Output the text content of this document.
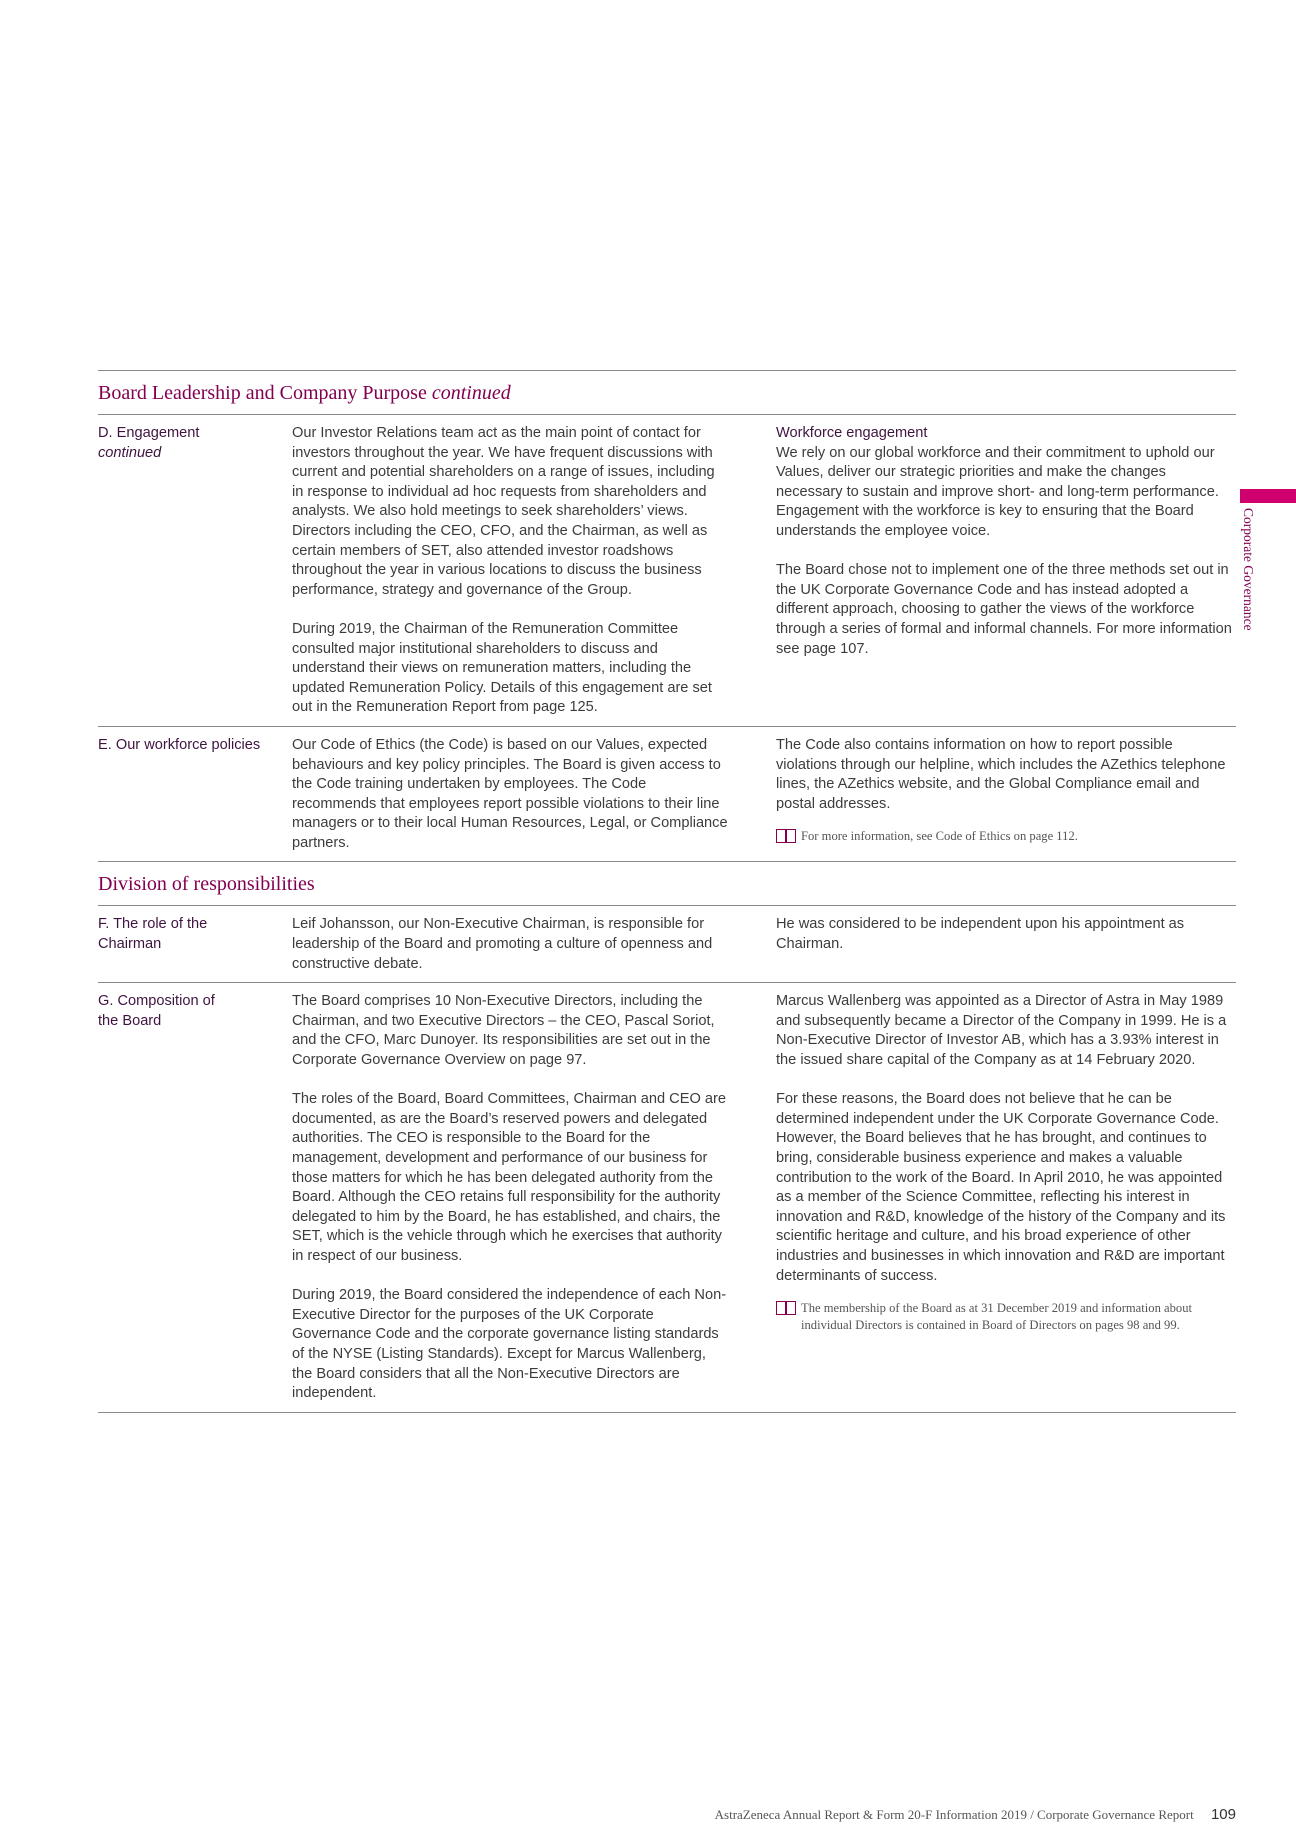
Corporate Governance
Board Leadership and Company Purpose continued
D. Engagement
continued
Our Investor Relations team act as the main point of contact for investors throughout the year. We have frequent discussions with current and potential shareholders on a range of issues, including in response to individual ad hoc requests from shareholders and analysts. We also hold meetings to seek shareholders’ views. Directors including the CEO, CFO, and the Chairman, as well as certain members of SET, also attended investor roadshows throughout the year in various locations to discuss the business performance, strategy and governance of the Group.
During 2019, the Chairman of the Remuneration Committee consulted major institutional shareholders to discuss and understand their views on remuneration matters, including the updated Remuneration Policy. Details of this engagement are set out in the Remuneration Report from page 125.
Workforce engagement
We rely on our global workforce and their commitment to uphold our Values, deliver our strategic priorities and make the changes necessary to sustain and improve short- and long-term performance. Engagement with the workforce is key to ensuring that the Board understands the employee voice.
The Board chose not to implement one of the three methods set out in the UK Corporate Governance Code and has instead adopted a different approach, choosing to gather the views of the workforce through a series of formal and informal channels. For more information see page 107.
E. Our workforce policies	Our Code of Ethics (the Code) is based on our Values, expected behaviours and key policy principles. The Board is given access to the Code training undertaken by employees. The Code recommends that employees report possible violations to their line managers or to their local Human Resources, Legal, or Compliance partners.
The Code also contains information on how to report possible violations through our helpline, which includes the AZethics telephone lines, the AZethics website, and the Global Compliance email and postal addresses.
For more information, see Code of Ethics on page 112.
Division of responsibilities
F. The role of the Chairman
Leif Johansson, our Non-Executive Chairman, is responsible for leadership of the Board and promoting a culture of openness and constructive debate.
He was considered to be independent upon his appointment as Chairman.
G. Composition of the Board
The Board comprises 10 Non-Executive Directors, including the Chairman, and two Executive Directors – the CEO, Pascal Soriot, and the CFO, Marc Dunoyer. Its responsibilities are set out in the Corporate Governance Overview on page 97.
The roles of the Board, Board Committees, Chairman and CEO are documented, as are the Board’s reserved powers and delegated authorities. The CEO is responsible to the Board for the management, development and performance of our business for those matters for which he has been delegated authority from the Board. Although the CEO retains full responsibility for the authority delegated to him by the Board, he has established, and chairs, the SET, which is the vehicle through which he exercises that authority in respect of our business.
During 2019, the Board considered the independence of each Non-Executive Director for the purposes of the UK Corporate Governance Code and the corporate governance listing standards of the NYSE (Listing Standards). Except for Marcus Wallenberg, the Board considers that all the Non-Executive Directors are independent.
Marcus Wallenberg was appointed as a Director of Astra in May 1989 and subsequently became a Director of the Company in 1999. He is a Non-Executive Director of Investor AB, which has a 3.93% interest in the issued share capital of the Company as at 14 February 2020.
For these reasons, the Board does not believe that he can be determined independent under the UK Corporate Governance Code. However, the Board believes that he has brought, and continues to bring, considerable business experience and makes a valuable contribution to the work of the Board. In April 2010, he was appointed as a member of the Science Committee, reflecting his interest in innovation and R&D, knowledge of the history of the Company and its scientific heritage and culture, and his broad experience of other industries and businesses in which innovation and R&D are important determinants of success.
The membership of the Board as at 31 December 2019 and information about individual Directors is contained in Board of Directors on pages 98 and 99.
AstraZeneca Annual Report & Form 20-F Information 2019 / Corporate Governance Report 109
